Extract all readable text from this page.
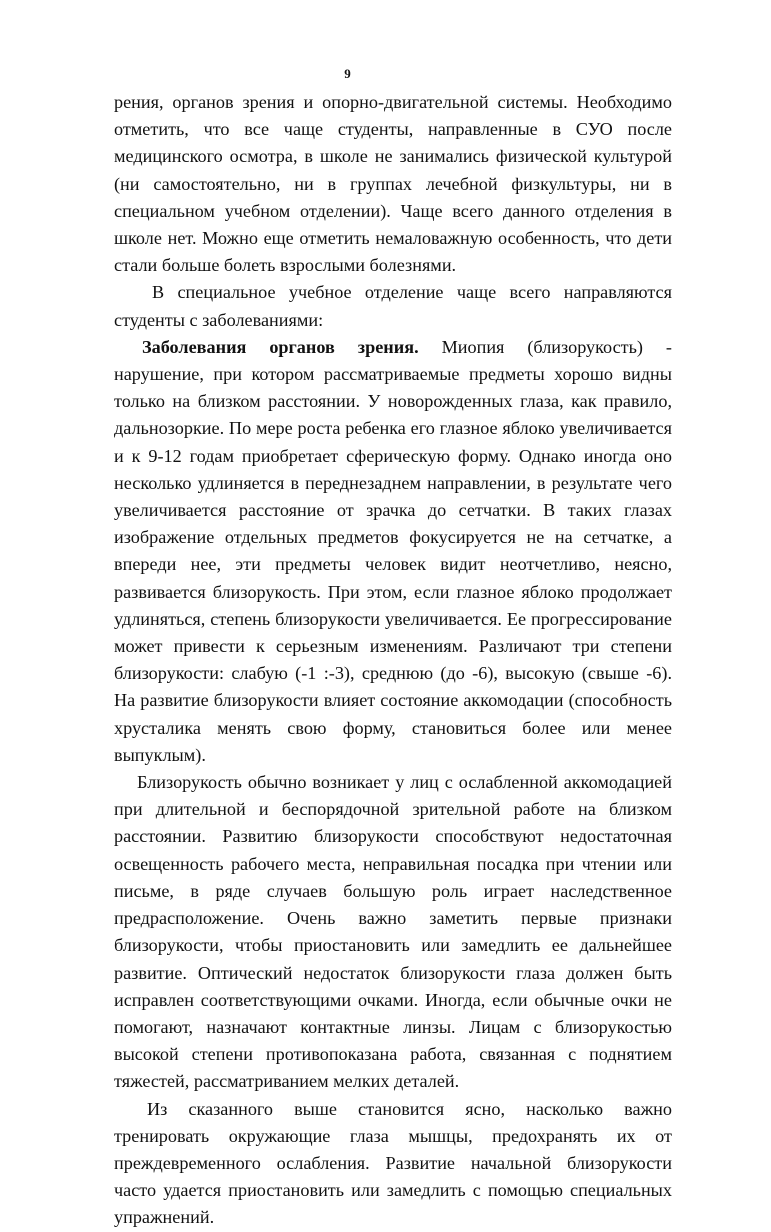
9

рения, органов зрения и опорно-двигательной системы. Необходимо отметить, что все чаще студенты, направленные в СУО после медицинского осмотра, в школе не занимались физической культурой (ни самостоятельно, ни в группах лечебной физкультуры, ни в специальном учебном отделении). Чаще всего данного отделения в школе нет. Можно еще отметить немаловажную особенность, что дети стали больше болеть взрослыми болезнями.

В специальное учебное отделение чаще всего направляются студенты с заболеваниями:

Заболевания органов зрения. Миопия (близорукость) - нарушение, при котором рассматриваемые предметы хорошо видны только на близком расстоянии. У новорожденных глаза, как правило, дальнозоркие. По мере роста ребенка его глазное яблоко увеличивается и к 9-12 годам приобретает сферическую форму. Однако иногда оно несколько удлиняется в переднезаднем направлении, в результате чего увеличивается расстояние от зрачка до сетчатки. В таких глазах изображение отдельных предметов фокусируется не на сетчатке, а впереди нее, эти предметы человек видит неотчетливо, неясно, развивается близорукость. При этом, если глазное яблоко продолжает удлиняться, степень близорукости увеличивается. Ее прогрессирование может привести к серьезным изменениям. Различают три степени близорукости: слабую (-1 :-3), среднюю (до -6), высокую (свыше -6). На развитие близорукости влияет состояние аккомодации (способность хрусталика менять свою форму, становиться более или менее выпуклым).

Близорукость обычно возникает у лиц с ослабленной аккомодацией при длительной и беспорядочной зрительной работе на близком расстоянии. Развитию близорукости способствуют недостаточная освещенность рабочего места, неправильная посадка при чтении или письме, в ряде случаев большую роль играет наследственное предрасположение. Очень важно заметить первые признаки близорукости, чтобы приостановить или замедлить ее дальнейшее развитие. Оптический недостаток близорукости глаза должен быть исправлен соответствующими очками. Иногда, если обычные очки не помогают, назначают контактные линзы. Лицам с близорукостью высокой степени противопоказана работа, связанная с поднятием тяжестей, рассматриванием мелких деталей.

Из сказанного выше становится ясно, насколько важно тренировать окружающие глаза мышцы, предохранять их от преждевременного ослабления. Развитие начальной близорукости часто удается приостановить или замедлить с помощью специальных упражнений.
